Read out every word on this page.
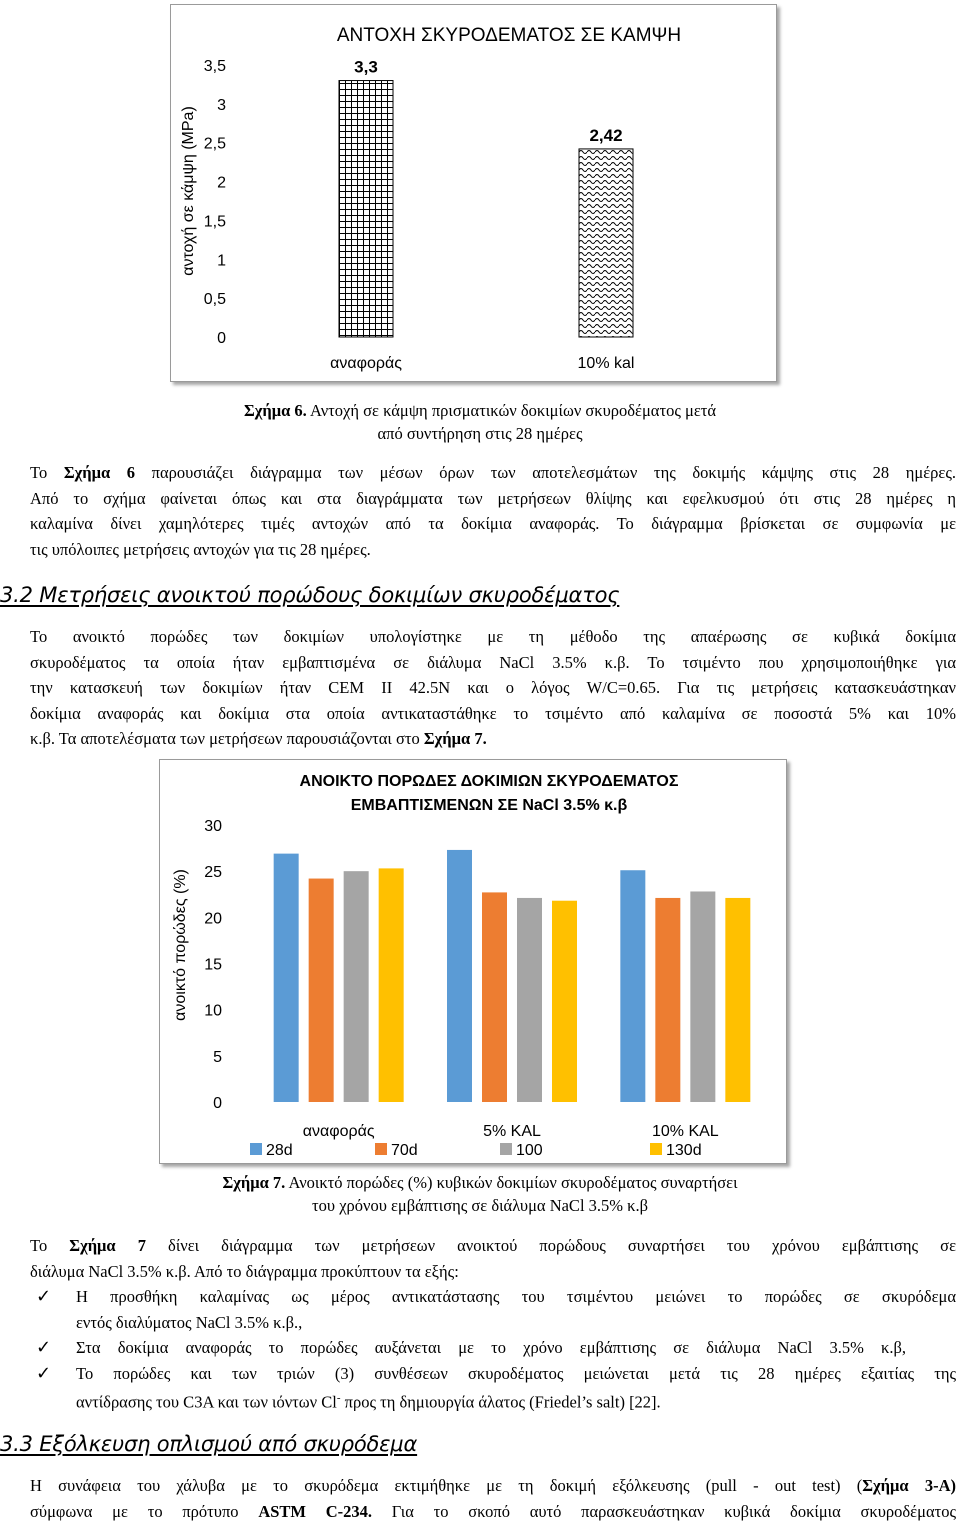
ΑΝΤΟΧΗ ΣΚΥΡΟΔΕΜΑΤΟΣ ΣΕ ΚΑΜΨΗ
αντοχή σε κάμψη (MPa)
0
0,5
1
1,5
2
2,5
3
3,5	3,3
2,42
αναφοράς	10% kal
Σχήμα 6. Αντοχή σε κάμψη πρισματικών δοκιμίων σκυροδέματος μετά
από συντήρηση στις 28 ημέρες
Το Σχήμα 6 παρουσιάζει διάγραμμα των μέσων όρων των αποτελεσμάτων της δοκιμής κάμψης στις 28 ημέρες.
Από το σχήμα φαίνεται όπως και στα διαγράμματα των μετρήσεων θλίψης και εφελκυσμού ότι στις 28 ημέρες η
καλαμίνα δίνει χαμηλότερες τιμές αντοχών από τα δοκίμια αναφοράς. Το διάγραμμα βρίσκεται σε συμφωνία με
τις υπόλοιπες μετρήσεις αντοχών για τις 28 ημέρες.
3.2 Μετρήσεις ανοικτού πορώδους δοκιμίων σκυροδέματος
Το ανοικτό πορώδες των δοκιμίων υπολογίστηκε με τη μέθοδο της απαέρωσης σε κυβικά δοκίμια
σκυροδέματος τα οποία ήταν εμβαπτισμένα σε διάλυμα NaCl 3.5% κ.β. Το τσιμέντο που χρησιμοποιήθηκε για
την κατασκευή των δοκιμίων ήταν CEM II 42.5N και ο λόγος W/C=0.65. Για τις μετρήσεις κατασκευάστηκαν
δοκίμια αναφοράς και δοκίμια στα οποία αντικαταστάθηκε το τσιμέντο από καλαμίνα σε ποσοστά 5% και 10%
κ.β. Τα αποτελέσματα των μετρήσεων παρουσιάζονται στο Σχήμα 7.
ΑΝΟΙΚΤΟ ΠΟΡΩΔΕΣ ΔΟΚΙΜΙΩΝ ΣΚΥΡΟΔΕΜΑΤΟΣ
ΕΜΒΑΠΤΙΣΜΕΝΩΝ ΣΕ NaCl 3.5% κ.β
ανοικτό πορώδες (%)
0
5
10
15
20
25
30
αναφοράς	5% KAL	10% KAL
28d	70d	100	130d
Σχήμα 7. Ανοικτό πορώδες (%) κυβικών δοκιμίων σκυροδέματος συναρτήσει
του χρόνου εμβάπτισης σε διάλυμα NaCl 3.5% κ.β
Το Σχήμα 7 δίνει διάγραμμα των μετρήσεων ανοικτού πορώδους συναρτήσει του χρόνου εμβάπτισης σε
διάλυμα NaCl 3.5% κ.β. Από το διάγραμμα προκύπτουν τα εξής:
✓ Η προσθήκη καλαμίνας ως μέρος αντικατάστασης του τσιμέντου μειώνει το πορώδες σε σκυρόδεμα
εντός διαλύματος NaCl 3.5% κ.β.,
✓ Στα δοκίμια αναφοράς το πορώδες αυξάνεται με το χρόνο εμβάπτισης σε διάλυμα NaCl 3.5% κ.β,
✓ Το πορώδες και των τριών (3) συνθέσεων σκυροδέματος μειώνεται μετά τις 28 ημέρες εξαιτίας της
αντίδρασης του C3A και των ιόντων Cl- προς τη δημιουργία άλατος (Friedel’s salt) [22].
3.3 Εξόλκευση οπλισμού από σκυρόδεμα
Η συνάφεια του χάλυβα με το σκυρόδεμα εκτιμήθηκε με τη δοκιμή εξόλκευσης (pull - out test) (Σχήμα 3-Α)
σύμφωνα με το πρότυπο ASTM C-234. Για το σκοπό αυτό παρασκευάστηκαν κυβικά δοκίμια σκυροδέματος
